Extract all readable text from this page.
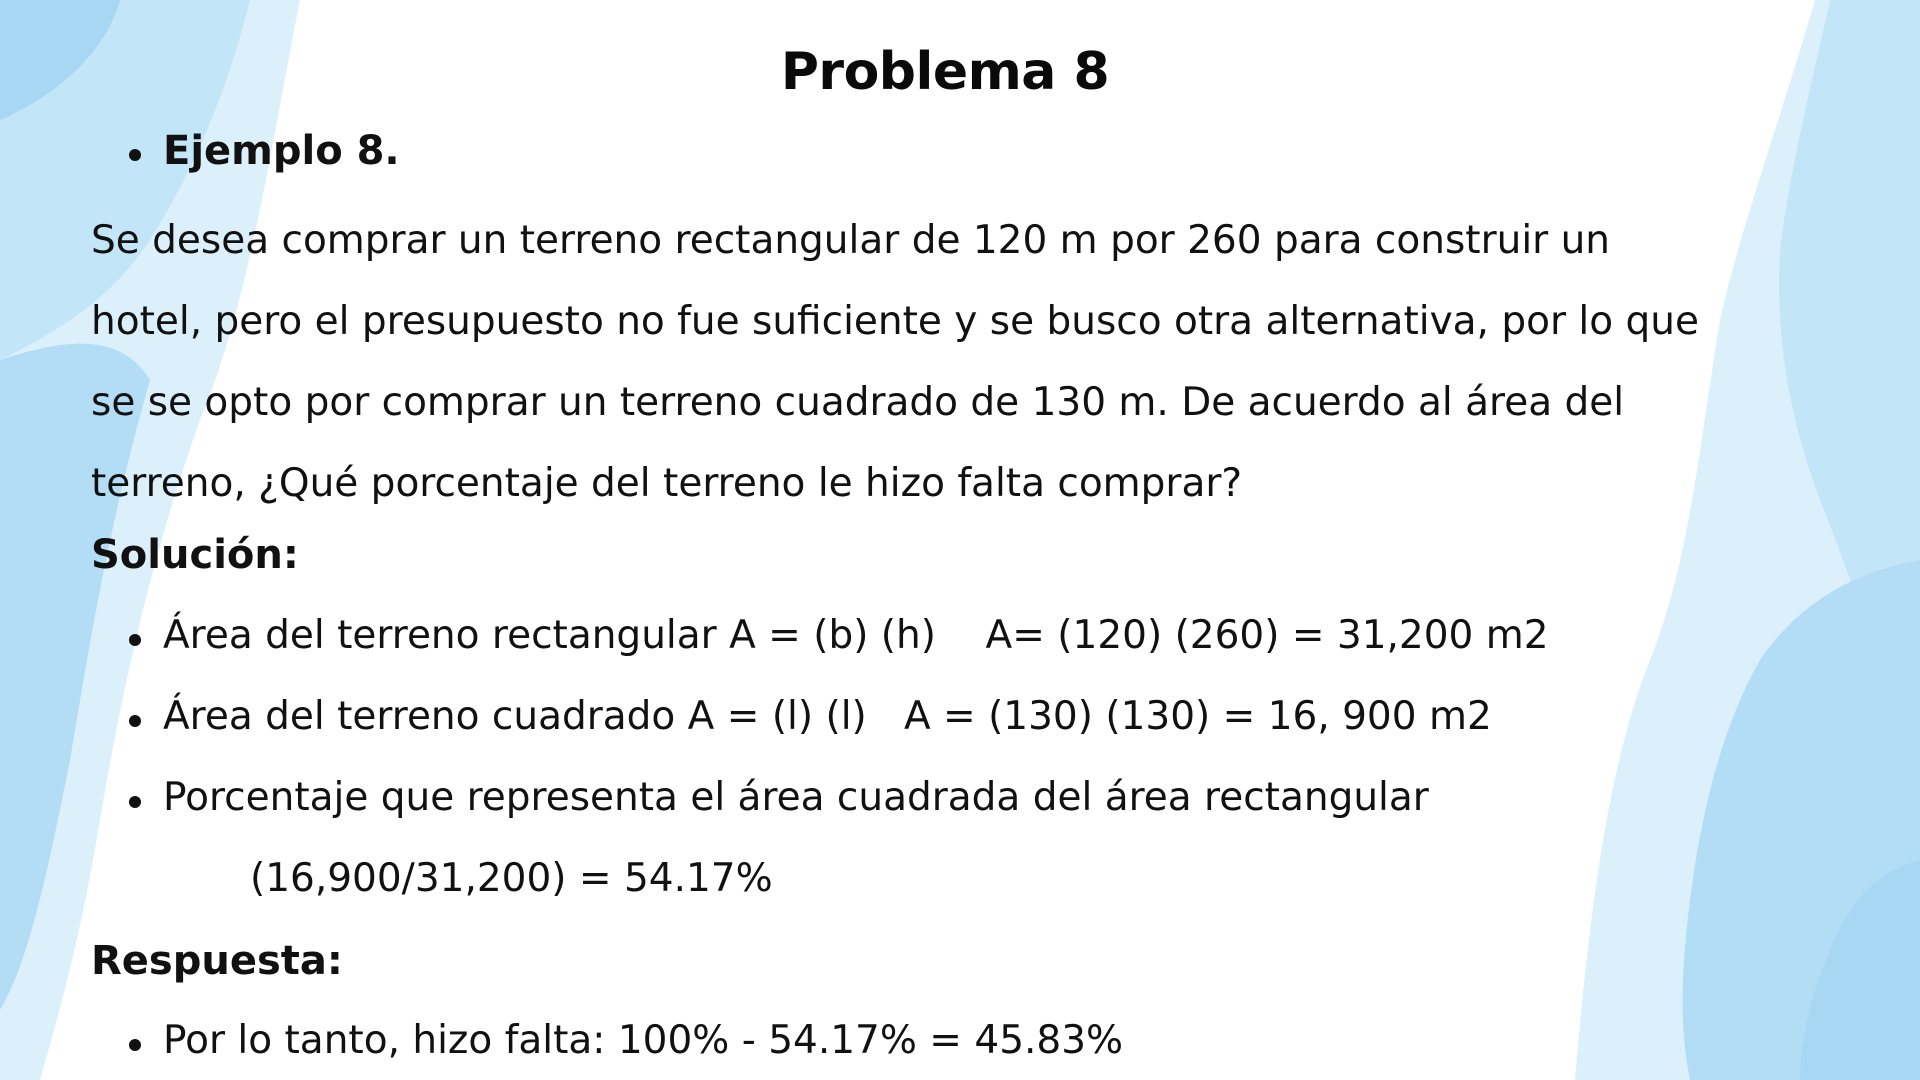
Problema 8
Ejemplo 8.
Se desea comprar un terreno rectangular de 120 m por 260 para construir un
hotel, pero el presupuesto no fue suficiente y se busco otra alternativa, por lo que
se se opto por comprar un terreno cuadrado de 130 m. De acuerdo al área del
terreno, ¿Qué porcentaje del terreno le hizo falta comprar?
Solución:
Área del terreno rectangular A = (b) (h)    A= (120) (260) = 31,200 m2
Área del terreno cuadrado A = (l) (l)   A = (130) (130) = 16, 900 m2
Porcentaje que representa el área cuadrada del área rectangular
(16,900/31,200) = 54.17%
Respuesta:
Por lo tanto, hizo falta: 100% - 54.17% = 45.83%
